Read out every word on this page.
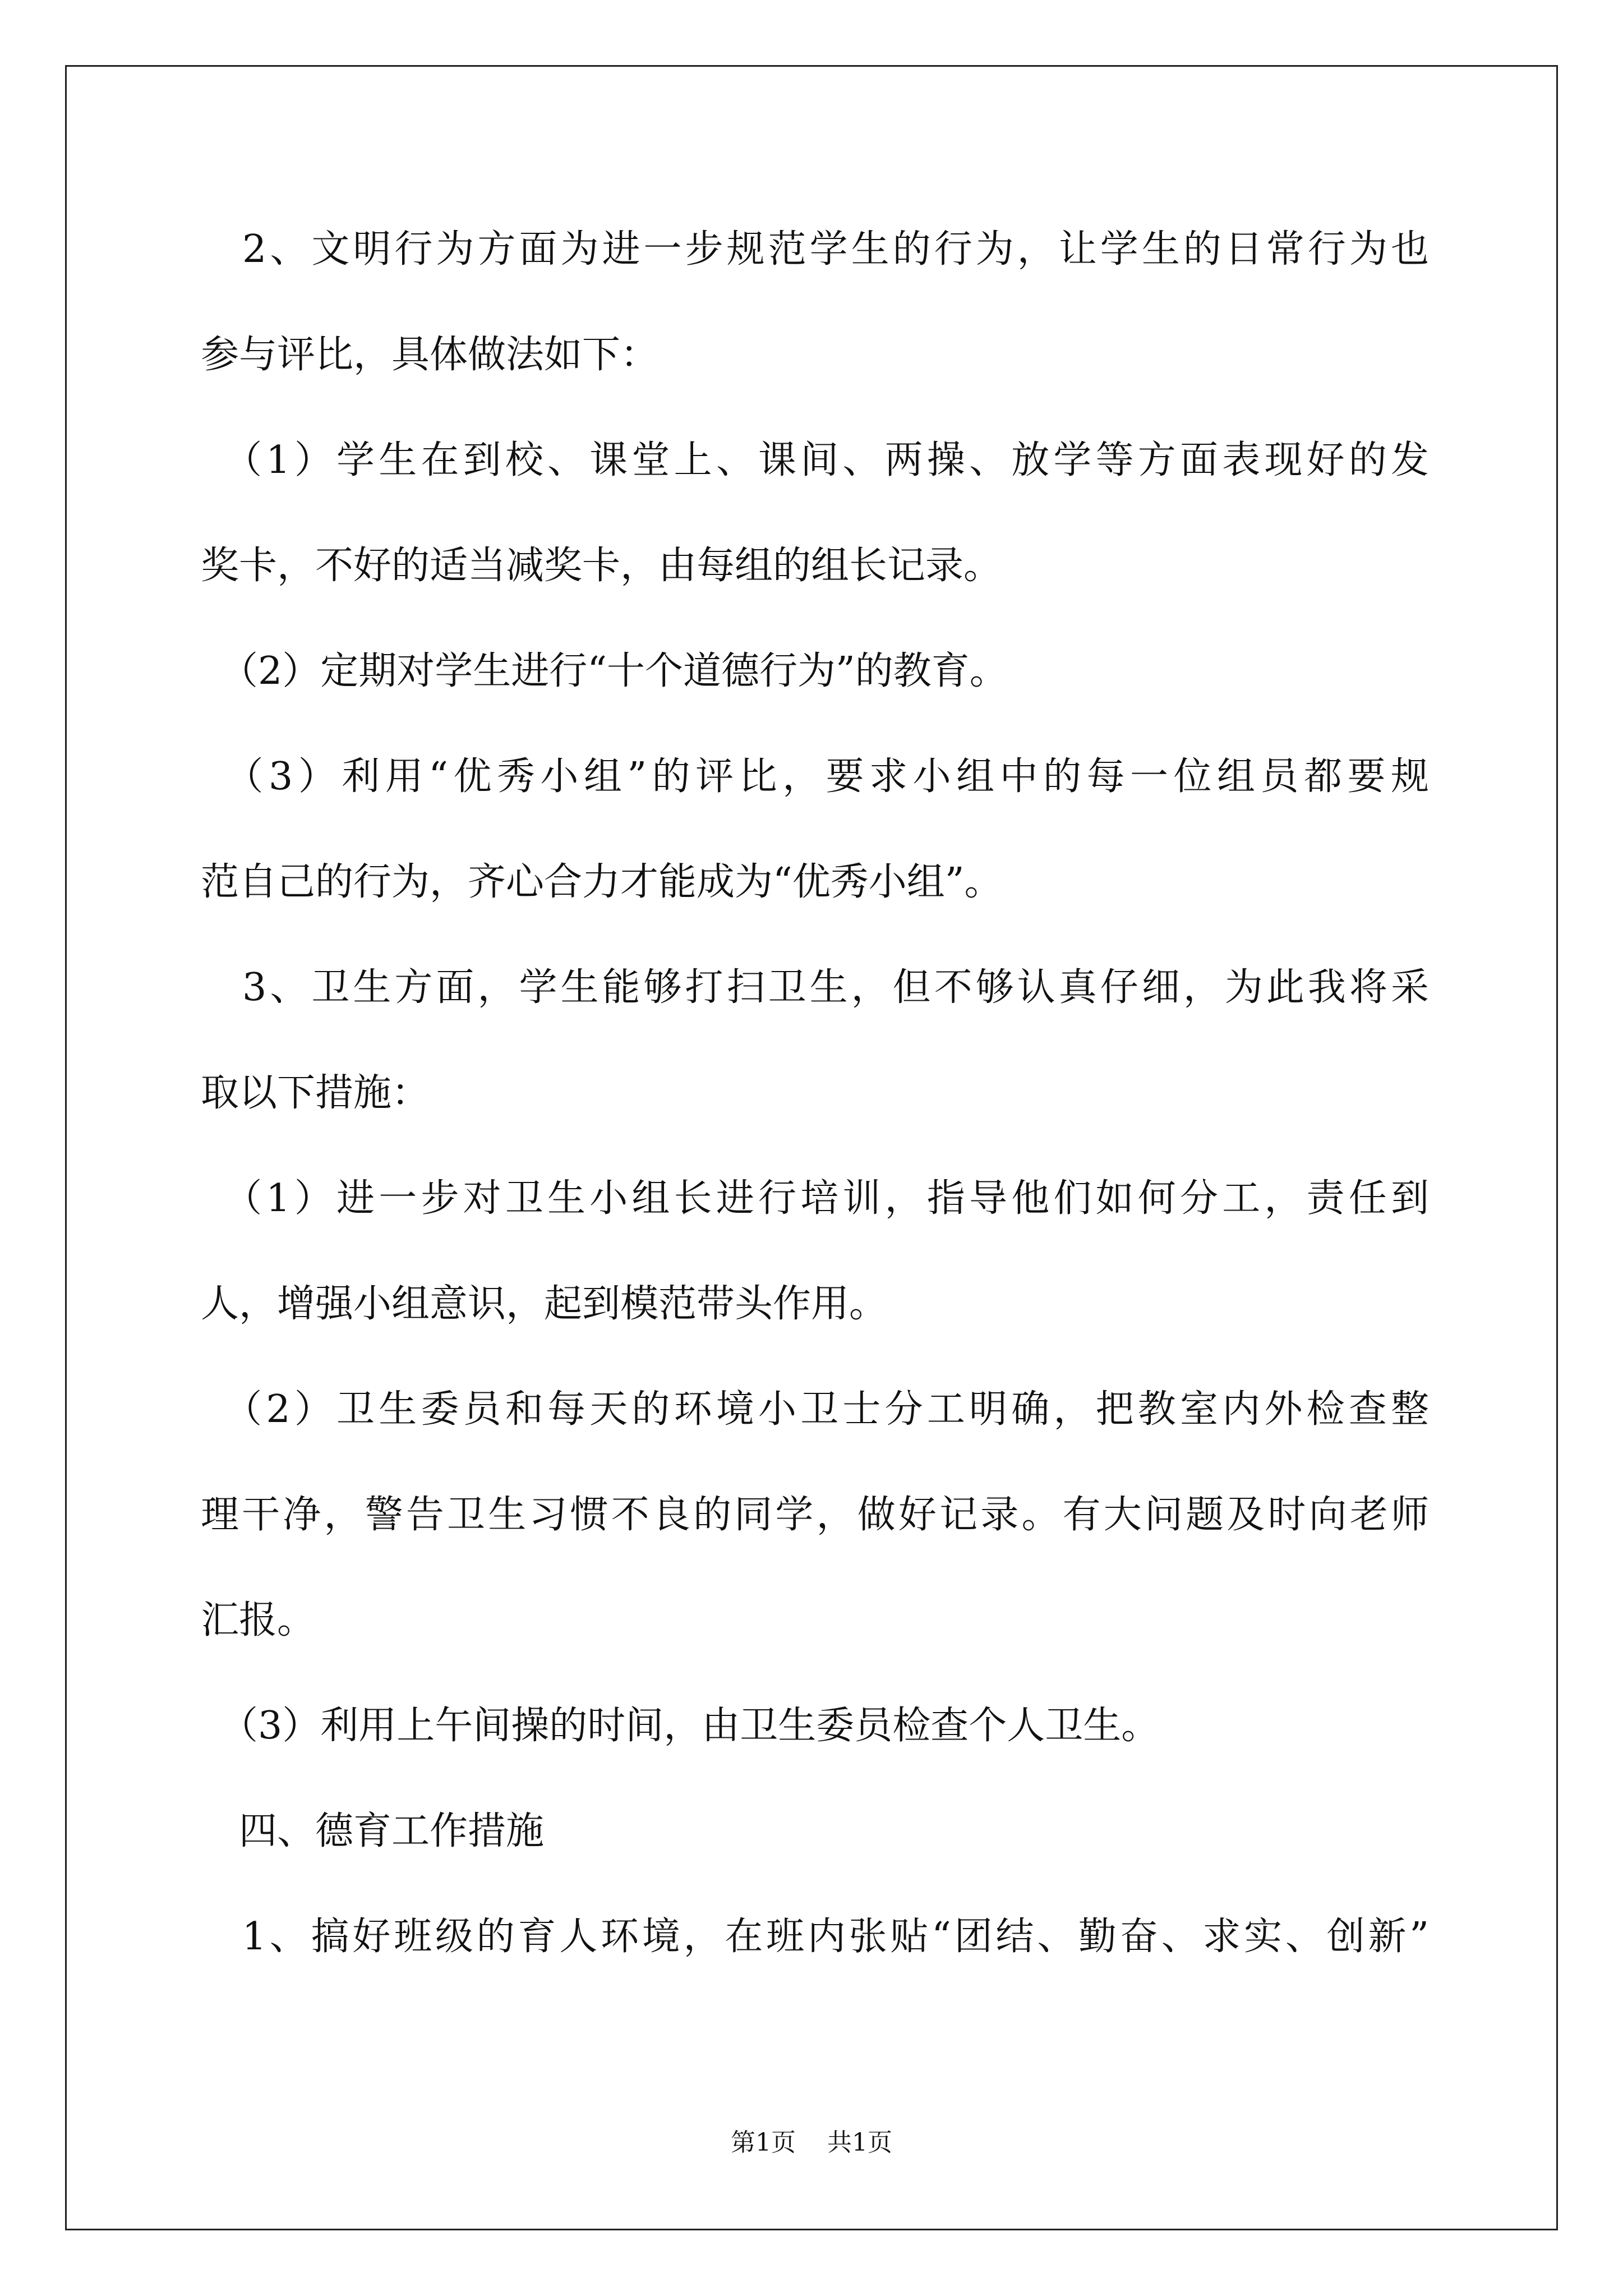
　2、文明行为方面为进一步规范学生的行为，让学生的日常行为也
参与评比，具体做法如下：
　（1）学生在到校、课堂上、课间、两操、放学等方面表现好的发
奖卡，不好的适当减奖卡，由每组的组长记录。
　（2）定期对学生进行“十个道德行为”的教育。
　（3）利用“优秀小组”的评比，要求小组中的每一位组员都要规
范自己的行为，齐心合力才能成为“优秀小组”。
　3、卫生方面，学生能够打扫卫生，但不够认真仔细，为此我将采
取以下措施：
　（1）进一步对卫生小组长进行培训，指导他们如何分工，责任到
人，增强小组意识，起到模范带头作用。
　（2）卫生委员和每天的环境小卫士分工明确，把教室内外检查整
理干净，警告卫生习惯不良的同学，做好记录。有大问题及时向老师
汇报。
　（3）利用上午间操的时间，由卫生委员检查个人卫生。
　四、德育工作措施
　1、搞好班级的育人环境，在班内张贴“团结、勤奋、求实、创新”
第1页    共1页
